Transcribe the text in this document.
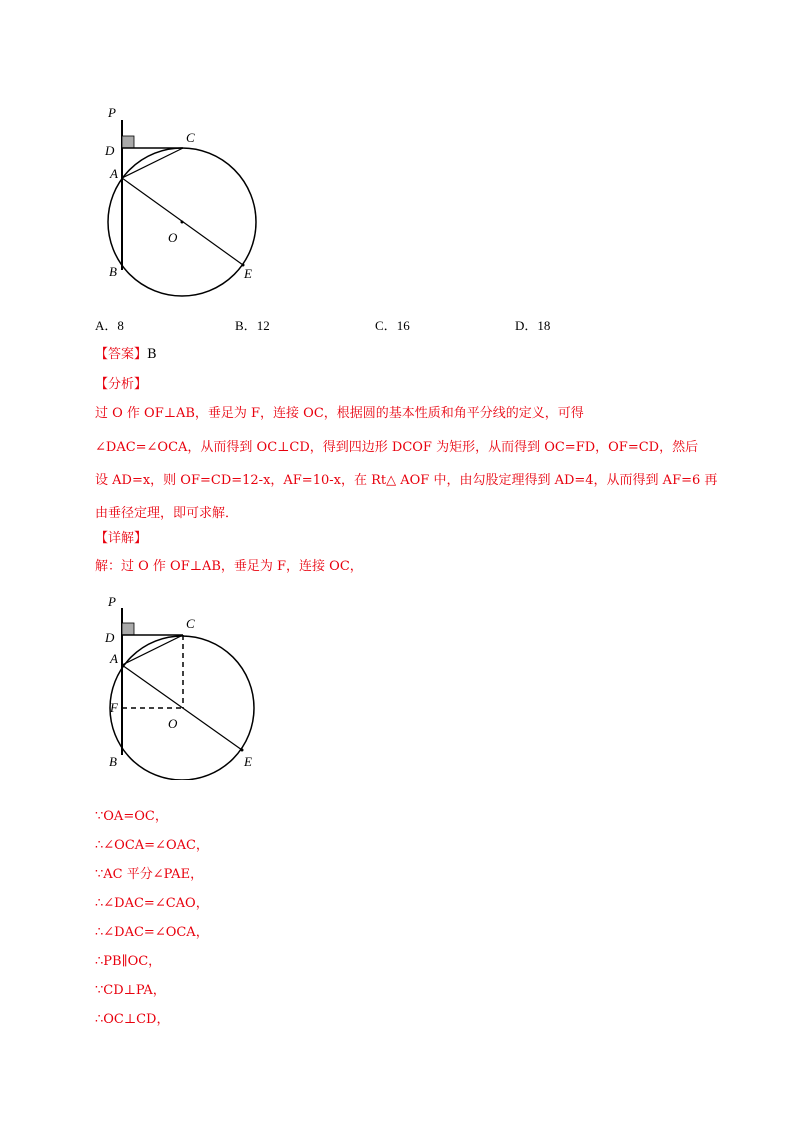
P
D
C
A
O
B	E
A．8	B．12	C．16	D．18
【答案】B
【分析】
过 O 作 OF⊥AB，垂足为 F，连接 OC，根据圆的基本性质和角平分线的定义，可得
∠DAC=∠OCA，从而得到 OC⊥CD，得到四边形 DCOF 为矩形，从而得到 OC=FD，OF=CD，然后
设 AD=x，则 OF=CD=12-x，AF=10-x，在 Rt△ AOF 中，由勾股定理得到 AD=4，从而得到 AF=6 再
由垂径定理，即可求解．
【详解】
解：过 O 作 OF⊥AB，垂足为 F，连接 OC，
P
D
C
A
F
O
B	E
∵OA=OC，
∴∠OCA=∠OAC，
∵AC 平分∠PAE，
∴∠DAC=∠CAO，
∴∠DAC=∠OCA，
∴PB∥OC，
∵CD⊥PA，
∴OC⊥CD，
